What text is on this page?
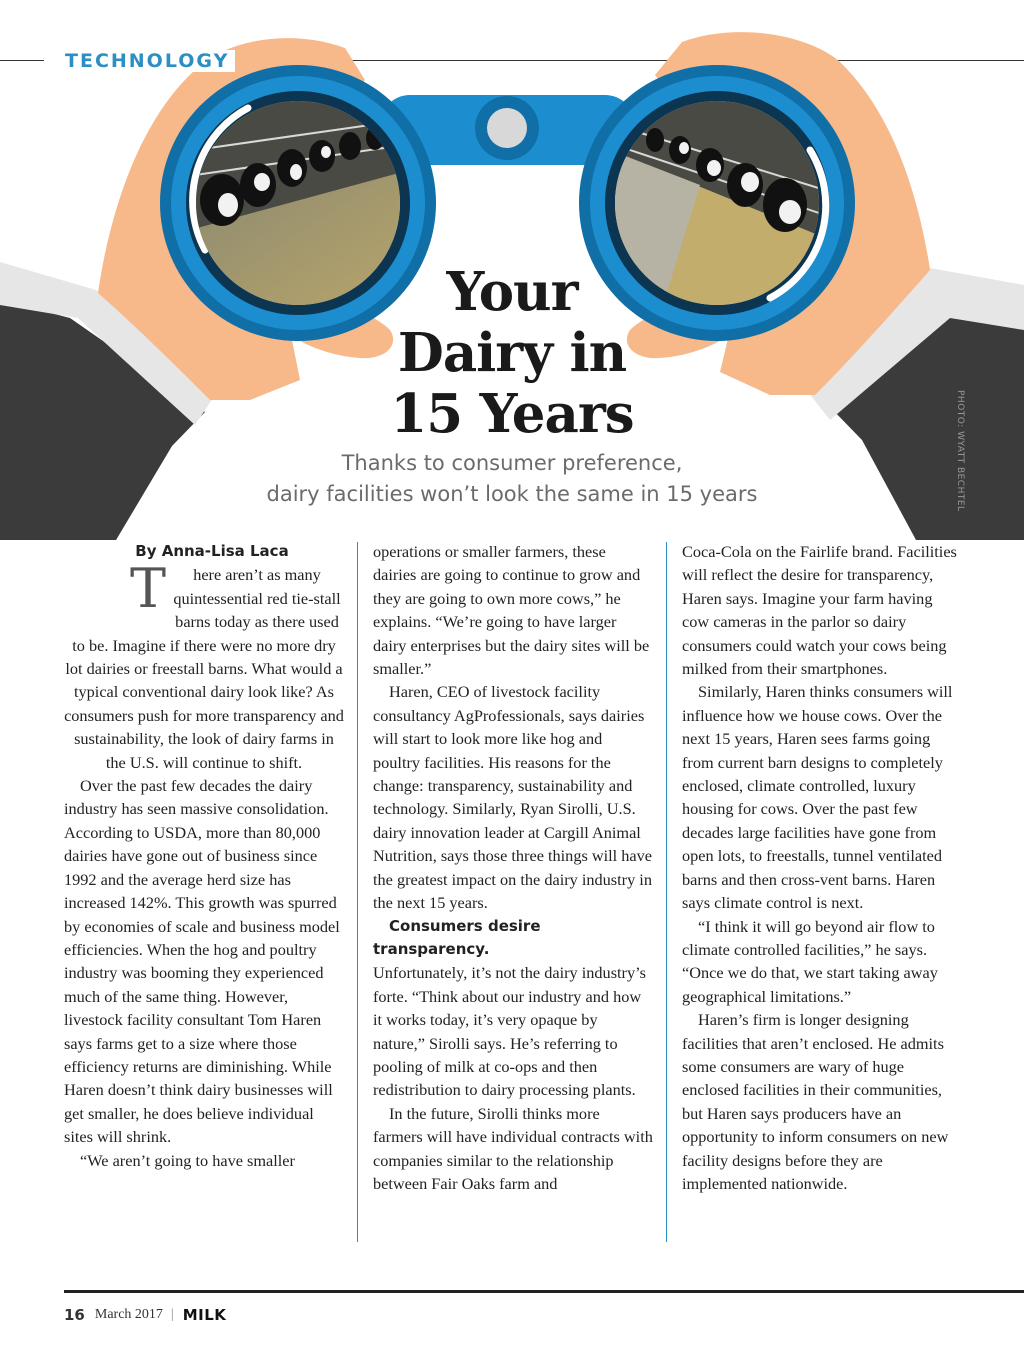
TECHNOLOGY
Your
Dairy in
15 Years

Thanks to consumer preference,
dairy facilities won’t look the same in 15 years	PHOTO: WYATT BECHTEL

By Anna-Lisa Laca

T here aren’t as many quintessential red tie-stall barns today as there used to be. Imagine if there were no more dry lot dairies or freestall barns. What would a typical conventional dairy look like? As consumers push for more transparency and sustainability, the look of dairy farms in the U.S. will continue to shift.

Over the past few decades the dairy industry has seen massive consolidation. According to USDA, more than 80,000 dairies have gone out of business since 1992 and the average herd size has increased 142%. This growth was spurred by economies of scale and business model efficiencies. When the hog and poultry industry was booming they experienced much of the same thing. However, livestock facility consultant Tom Haren says farms get to a size where those efficiency returns are diminishing. While Haren doesn’t think dairy businesses will get smaller, he does believe individual sites will shrink.

“We aren’t going to have smaller

operations or smaller farmers, these dairies are going to continue to grow and they are going to own more cows,” he explains. “We’re going to have larger dairy enterprises but the dairy sites will be smaller.”

Haren, CEO of livestock facility consultancy AgProfessionals, says dairies will start to look more like hog and poultry facilities. His reasons for the change: transparency, sustainability and technology. Similarly, Ryan Sirolli, U.S. dairy innovation leader at Cargill Animal Nutrition, says those three things will have the greatest impact on the dairy industry in the next 15 years.

Consumers desire transparency.

Unfortunately, it’s not the dairy industry’s forte. “Think about our industry and how it works today, it’s very opaque by nature,” Sirolli says. He’s referring to pooling of milk at co-ops and then redistribution to dairy processing plants.

In the future, Sirolli thinks more farmers will have individual contracts with companies similar to the relationship between Fair Oaks farm and

Coca-Cola on the Fairlife brand. Facilities will reflect the desire for transparency, Haren says. Imagine your farm having cow cameras in the parlor so dairy consumers could watch your cows being milked from their smartphones.

Similarly, Haren thinks consumers will influence how we house cows. Over the next 15 years, Haren sees farms going from current barn designs to completely enclosed, climate controlled, luxury housing for cows. Over the past few decades large facilities have gone from open lots, to freestalls, tunnel ventilated barns and then cross-vent barns. Haren says climate control is next.

“I think it will go beyond air flow to climate controlled facilities,” he says. “Once we do that, we start taking away geographical limitations.”

Haren’s firm is longer designing facilities that aren’t enclosed. He admits some consumers are wary of huge enclosed facilities in their communities, but Haren says producers have an opportunity to inform consumers on new facility designs before they are implemented nationwide.

16 March 2017 | MILK
